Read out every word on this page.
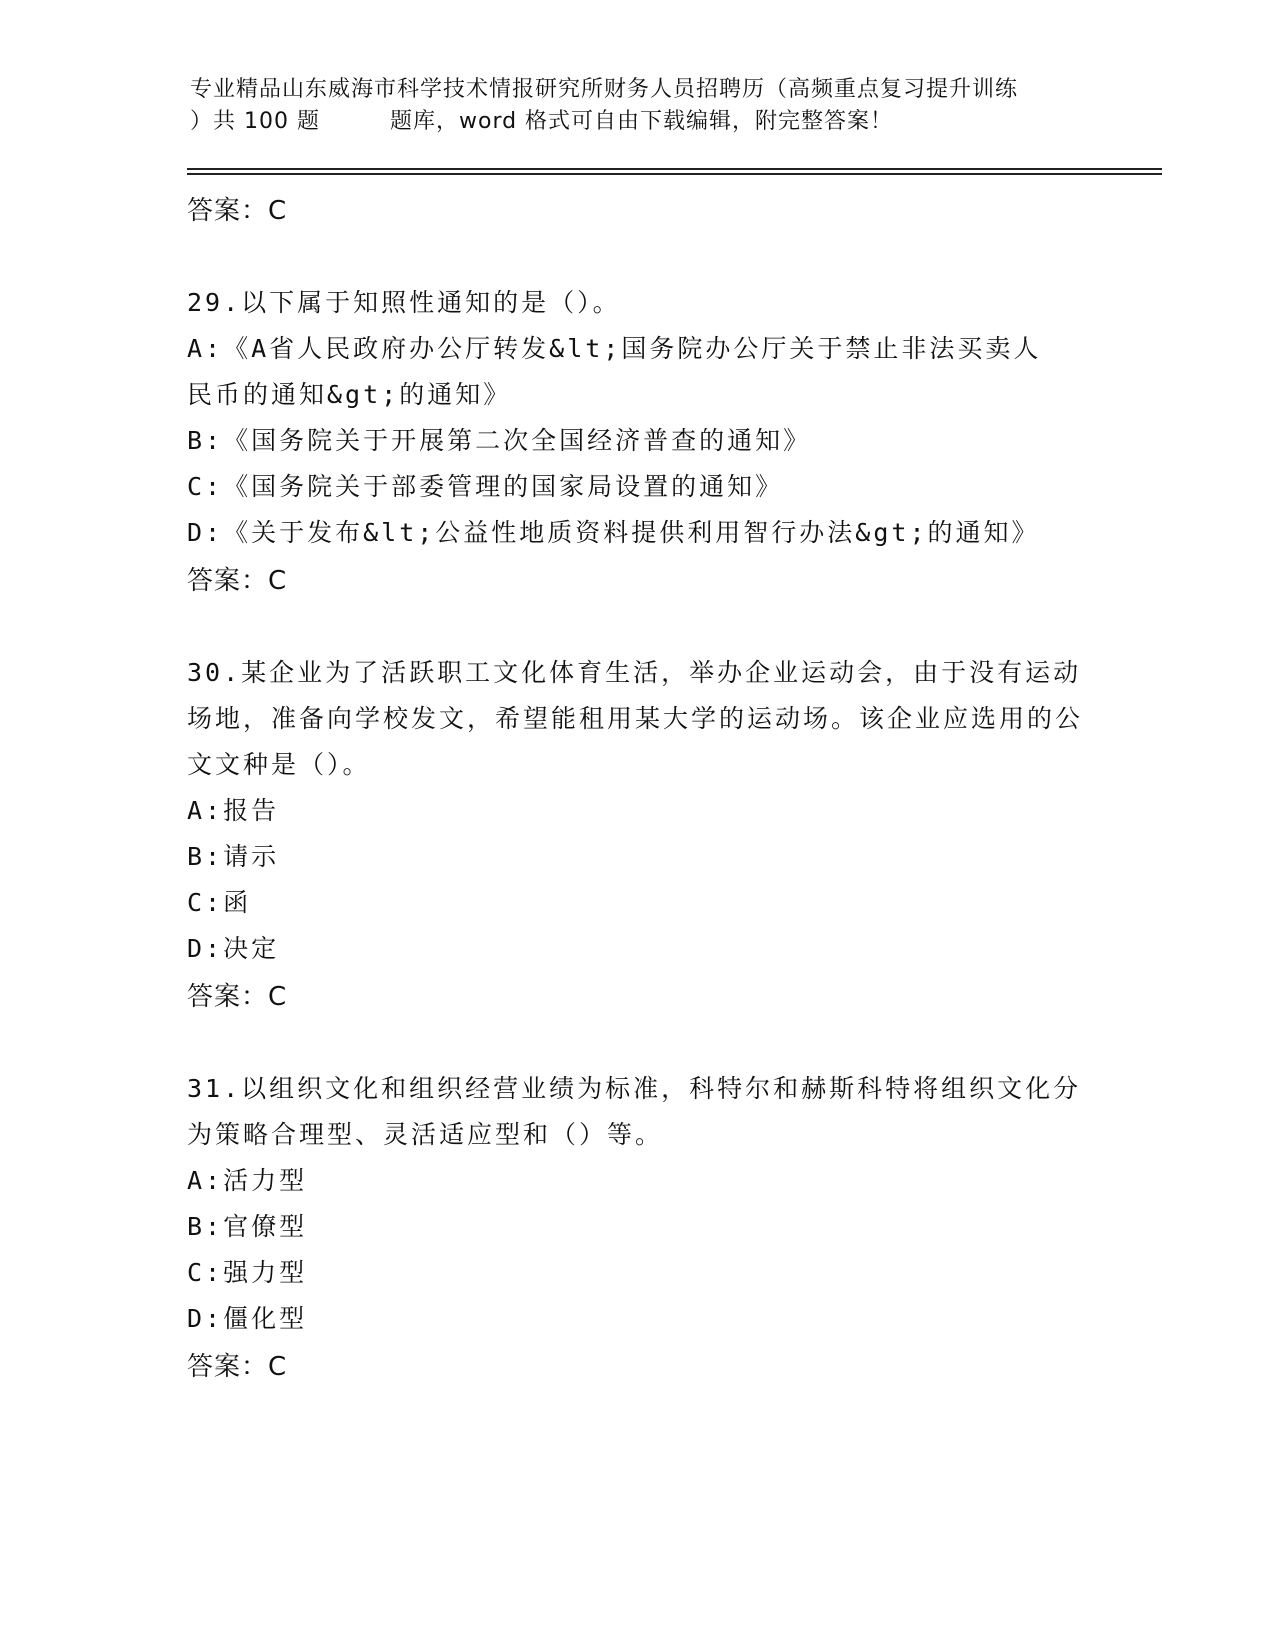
专业精品山东威海市科学技术情报研究所财务人员招聘历（高频重点复习提升训练
）共 100 题	题库，word 格式可自由下载编辑，附完整答案！
答案：C
29.以下属于知照性通知的是（）。
A:《A省人民政府办公厅转发&lt;国务院办公厅关于禁止非法买卖人
民币的通知&gt;的通知》
B:《国务院关于开展第二次全国经济普查的通知》
C:《国务院关于部委管理的国家局设置的通知》
D:《关于发布&lt;公益性地质资料提供利用智行办法&gt;的通知》
答案：C
30.某企业为了活跃职工文化体育生活，举办企业运动会，由于没有运动场地，准备向学校发文，希望能租用某大学的运动场。该企业应选用的公文文种是（）。
A:报告
B:请示
C:函
D:决定
答案：C
31.以组织文化和组织经营业绩为标准，科特尔和赫斯科特将组织文化分为策略合理型、灵活适应型和（）等。
A:活力型
B:官僚型
C:强力型
D:僵化型
答案：C
